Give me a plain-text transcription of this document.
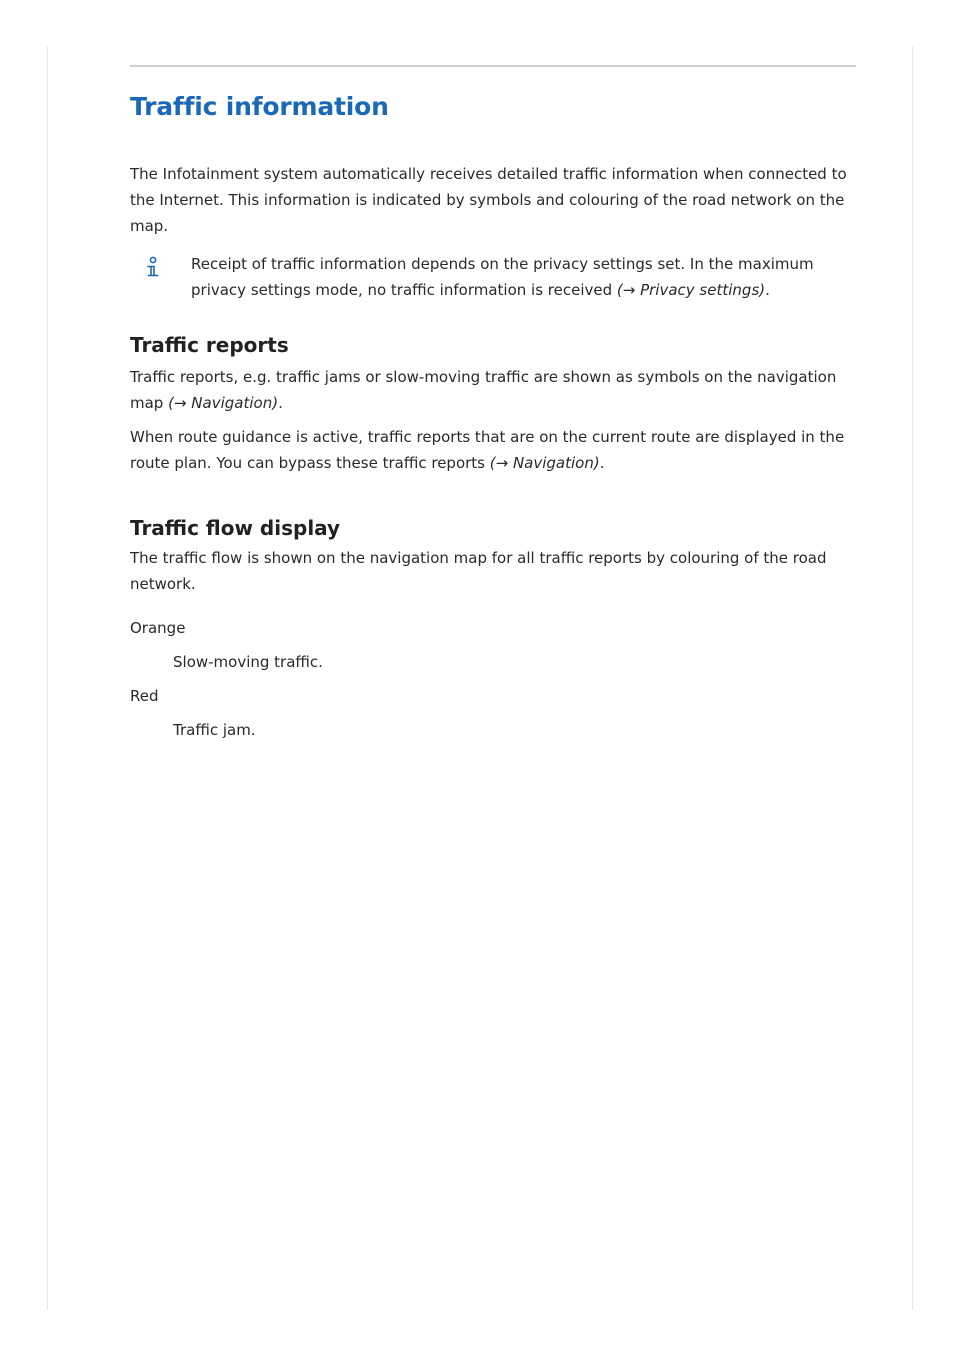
Traffic information

The Infotainment system automatically receives detailed traffic information when connected to the Internet. This information is indicated by symbols and colouring of the road network on the map.

Receipt of traffic information depends on the privacy settings set. In the maximum privacy settings mode, no traffic information is received (→ Privacy settings).

Traffic reports

Traffic reports, e.g. traffic jams or slow-moving traffic are shown as symbols on the navigation map (→ Navigation).

When route guidance is active, traffic reports that are on the current route are displayed in the route plan. You can bypass these traffic reports (→ Navigation).

Traffic flow display

The traffic flow is shown on the navigation map for all traffic reports by colouring of the road network.

Orange
Slow-moving traffic.
Red
Traffic jam.
